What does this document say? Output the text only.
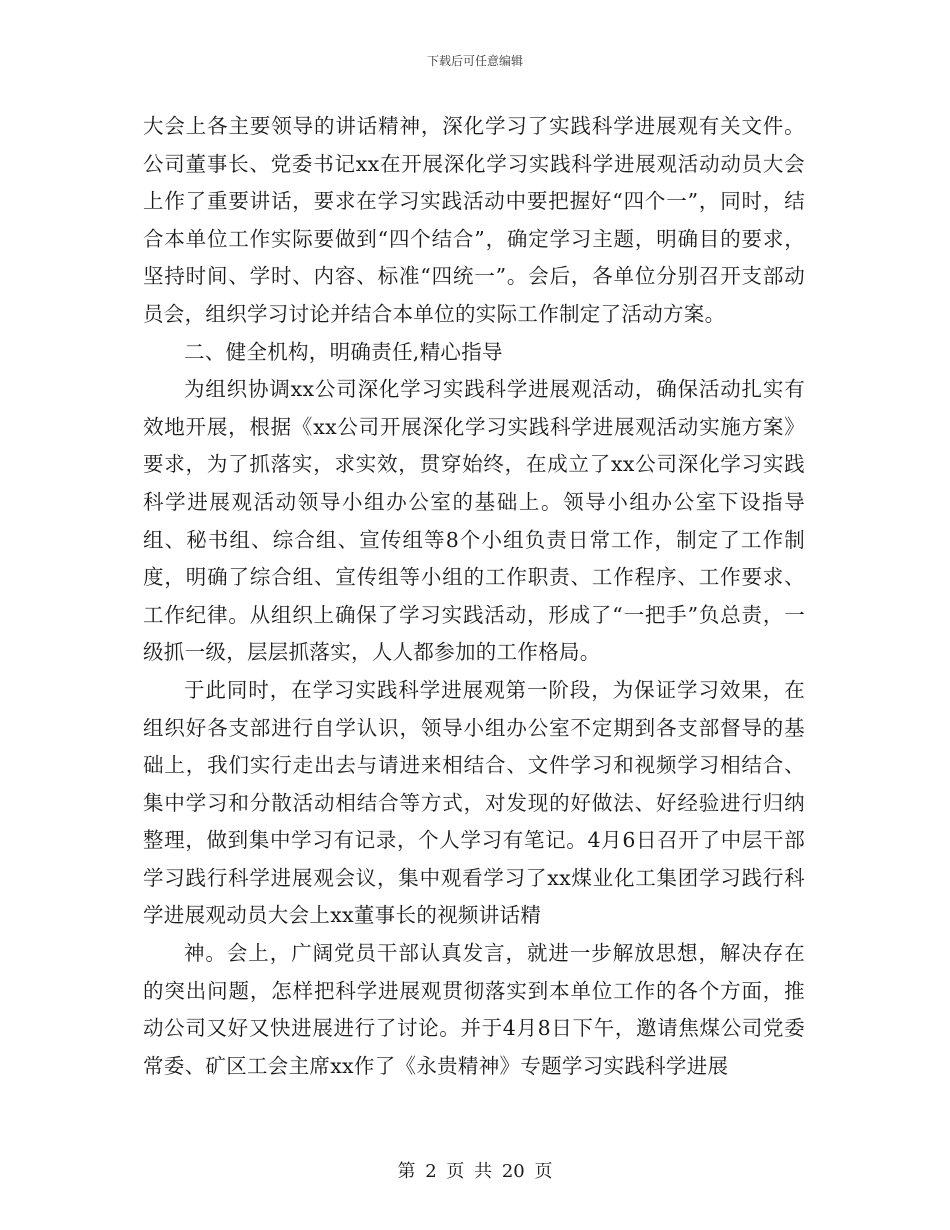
下载后可任意编辑

大会上各主要领导的讲话精神，深化学习了实践科学进展观有关文件。公司董事长、党委书记xx在开展深化学习实践科学进展观活动动员大会上作了重要讲话，要求在学习实践活动中要把握好“四个一”，同时，结合本单位工作实际要做到“四个结合”，确定学习主题，明确目的要求，坚持时间、学时、内容、标准“四统一”。会后，各单位分别召开支部动员会，组织学习讨论并结合本单位的实际工作制定了活动方案。

二、健全机构，明确责任,精心指导

为组织协调xx公司深化学习实践科学进展观活动，确保活动扎实有效地开展，根据《xx公司开展深化学习实践科学进展观活动实施方案》要求，为了抓落实，求实效，贯穿始终，在成立了xx公司深化学习实践科学进展观活动领导小组办公室的基础上。领导小组办公室下设指导组、秘书组、综合组、宣传组等8个小组负责日常工作，制定了工作制度，明确了综合组、宣传组等小组的工作职责、工作程序、工作要求、工作纪律。从组织上确保了学习实践活动，形成了“一把手”负总责，一级抓一级，层层抓落实，人人都参加的工作格局。

于此同时，在学习实践科学进展观第一阶段，为保证学习效果，在组织好各支部进行自学认识，领导小组办公室不定期到各支部督导的基础上，我们实行走出去与请进来相结合、文件学习和视频学习相结合、集中学习和分散活动相结合等方式，对发现的好做法、好经验进行归纳整理，做到集中学习有记录，个人学习有笔记。4月6日召开了中层干部学习践行科学进展观会议，集中观看学习了xx煤业化工集团学习践行科学进展观动员大会上xx董事长的视频讲话精

神。会上，广阔党员干部认真发言，就进一步解放思想，解决存在的突出问题，怎样把科学进展观贯彻落实到本单位工作的各个方面，推动公司又好又快进展进行了讨论。并于4月8日下午，邀请焦煤公司党委常委、矿区工会主席xx作了《永贵精神》专题学习实践科学进展

第 2 页 共 20 页
